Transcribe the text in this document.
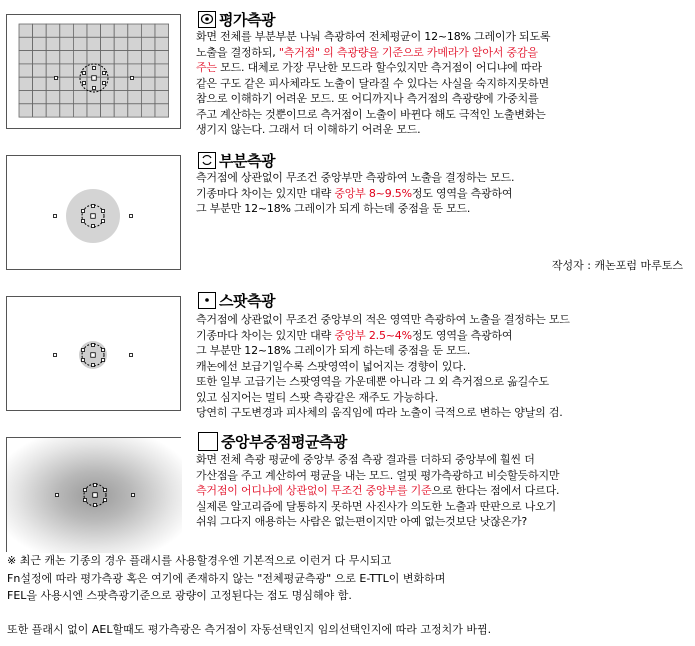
평가측광
부분측광
스팟측광
중앙부중점평균측광
작성자 : 캐논포럼 마루토스
※ 최근 캐논 기종의 경우 플래시를 사용할경우엔 기본적으로 이런거 다 무시되고
Fn설정에 따라 평가측광 혹은 여기에 존재하지 않는 "전체평균측광" 으로 E-TTL이 변화하며
FEL을 사용시엔 스팟측광기준으로 광량이 고정된다는 점도 명심해야 함.
또한 플래시 없이 AEL할때도 평가측광은 측거점이 자동선택인지 임의선택인지에 따라 고정치가 바뀜.
화면 전체를 부분부분 나눠 측광하여 전체평균이 12~18% 그레이가 되도록
노출을 결정하되, "측거점" 의 측광량을 기준으로 카메라가 알아서 중감을
주는 모드. 대체로 가장 무난한 모드라 할수있지만 측거점이 어디냐에 따라
같은 구도 같은 피사체라도 노출이 달라질 수 있다는 사실을 숙지하지못하면
참으로 이해하기 어려운 모드. 또 어디까지나 측거점의 측광량에 가중치를
주고 계산하는 것뿐이므로 측거점이 노출이 바뀐다 해도 극적인 노출변화는
생기지 않는다. 그래서 더 이해하기 어려운 모드.
측거점에 상관없이 무조건 중앙부만 측광하여 노출을 결정하는 모드.
기종마다 차이는 있지만 대략 중앙부 8~9.5%정도 영역을 측광하여
그 부분만 12~18% 그레이가 되게 하는데 중점을 둔 모드.
측거점에 상관없이 무조건 중앙부의 적은 영역만 측광하여 노출을 결정하는 모드
기종마다 차이는 있지만 대략 중앙부 2.5~4%정도 영역을 측광하여
그 부분만 12~18% 그레이가 되게 하는데 중점을 둔 모드.
캐논에선 보급기일수록 스팟영역이 넓어지는 경향이 있다.
또한 일부 고급기는 스팟영역을 가운데뿐 아니라 그 외 측거점으로 옮길수도
있고 심지어는 멀티 스팟 측광같은 재주도 가능하다.
당연히 구도변경과 피사체의 움직임에 따라 노출이 극적으로 변하는 양날의 검.
화면 전체 측광 평균에 중앙부 중점 측광 결과를 더하되 중앙부에 훨씬 더
가산점을 주고 계산하여 평균을 내는 모드. 얼핏 평가측광하고 비슷할듯하지만
측거점이 어디냐에 상관없이 무조건 중앙부를 기준으로 한다는 점에서 다르다.
실제론 알고리즘에 달통하지 못하면 사진사가 의도한 노출과 딴판으로 나오기
쉬워 그다지 애용하는 사람은 없는편이지만 아예 없는것보단 낫잖은가?
